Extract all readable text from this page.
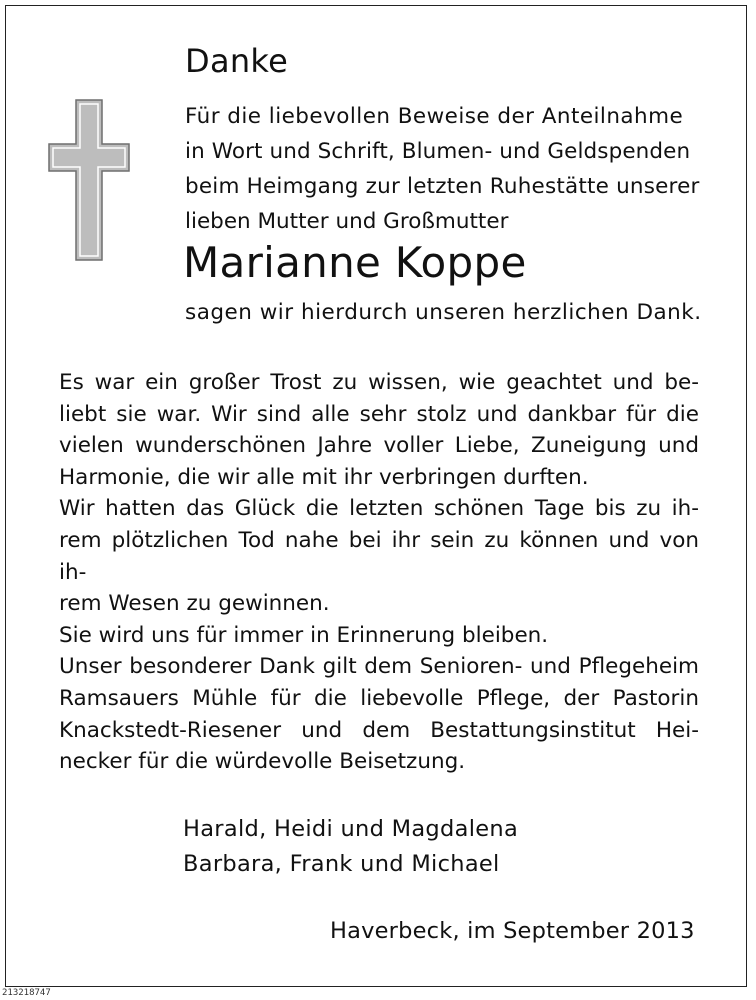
Danke
Für die liebevollen Beweise der Anteilnahme
in Wort und Schrift, Blumen- und Geldspenden
beim Heimgang zur letzten Ruhestätte unserer
lieben Mutter und Großmutter
Marianne Koppe
sagen wir hierdurch unseren herzlichen Dank.
Es war ein großer Trost zu wissen, wie geachtet und be-
liebt sie war. Wir sind alle sehr stolz und dankbar für die
vielen wunderschönen Jahre voller Liebe, Zuneigung und
Harmonie, die wir alle mit ihr verbringen durften.
Wir hatten das Glück die letzten schönen Tage bis zu ih-
rem plötzlichen Tod nahe bei ihr sein zu können und von ih-
rem Wesen zu gewinnen.
Sie wird uns für immer in Erinnerung bleiben.
Unser besonderer Dank gilt dem Senioren- und Pflegeheim
Ramsauers Mühle für die liebevolle Pflege, der Pastorin
Knackstedt-Riesener und dem Bestattungsinstitut Hei-
necker für die würdevolle Beisetzung.
Harald, Heidi und Magdalena
Barbara, Frank und Michael
Haverbeck, im September 2013
213218747
